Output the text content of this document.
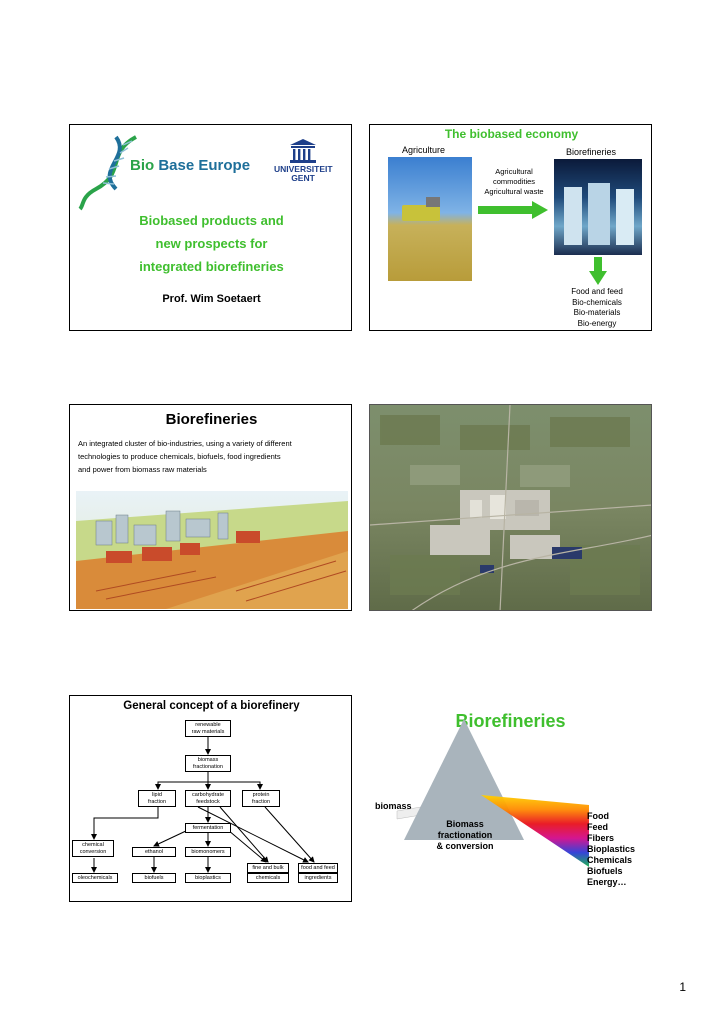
Bio Base Europe	UNIVERSITEIT
GENT
Biobased products and
new prospects for
integrated biorefineries
Prof. Wim Soetaert
The biobased economy
Agriculture	Biorefineries
Agricultural
commodities
Agricultural waste
Food and feed
Bio-chemicals
Bio-materials
Bio-energy
Biorefineries
An integrated cluster of bio-industries, using a variety of different
technologies to produce chemicals, biofuels, food ingredients
and power from biomass raw materials
General concept of a biorefinery
renewable
raw materials
biomass
fractionation
lipid
fraction
carbohydrate
feedstock
protein
fraction
fermentation
chemical
conversion	ethanol	biomonomers
fine and bulk	food and feed
oleochemicals	biofuels	bioplastics	chemicals	ingredients
Biorefineries
biomass
Biomass
fractionation
& conversion
Food
Feed
Fibers
Bioplastics
Chemicals
Biofuels
Energy…
1
